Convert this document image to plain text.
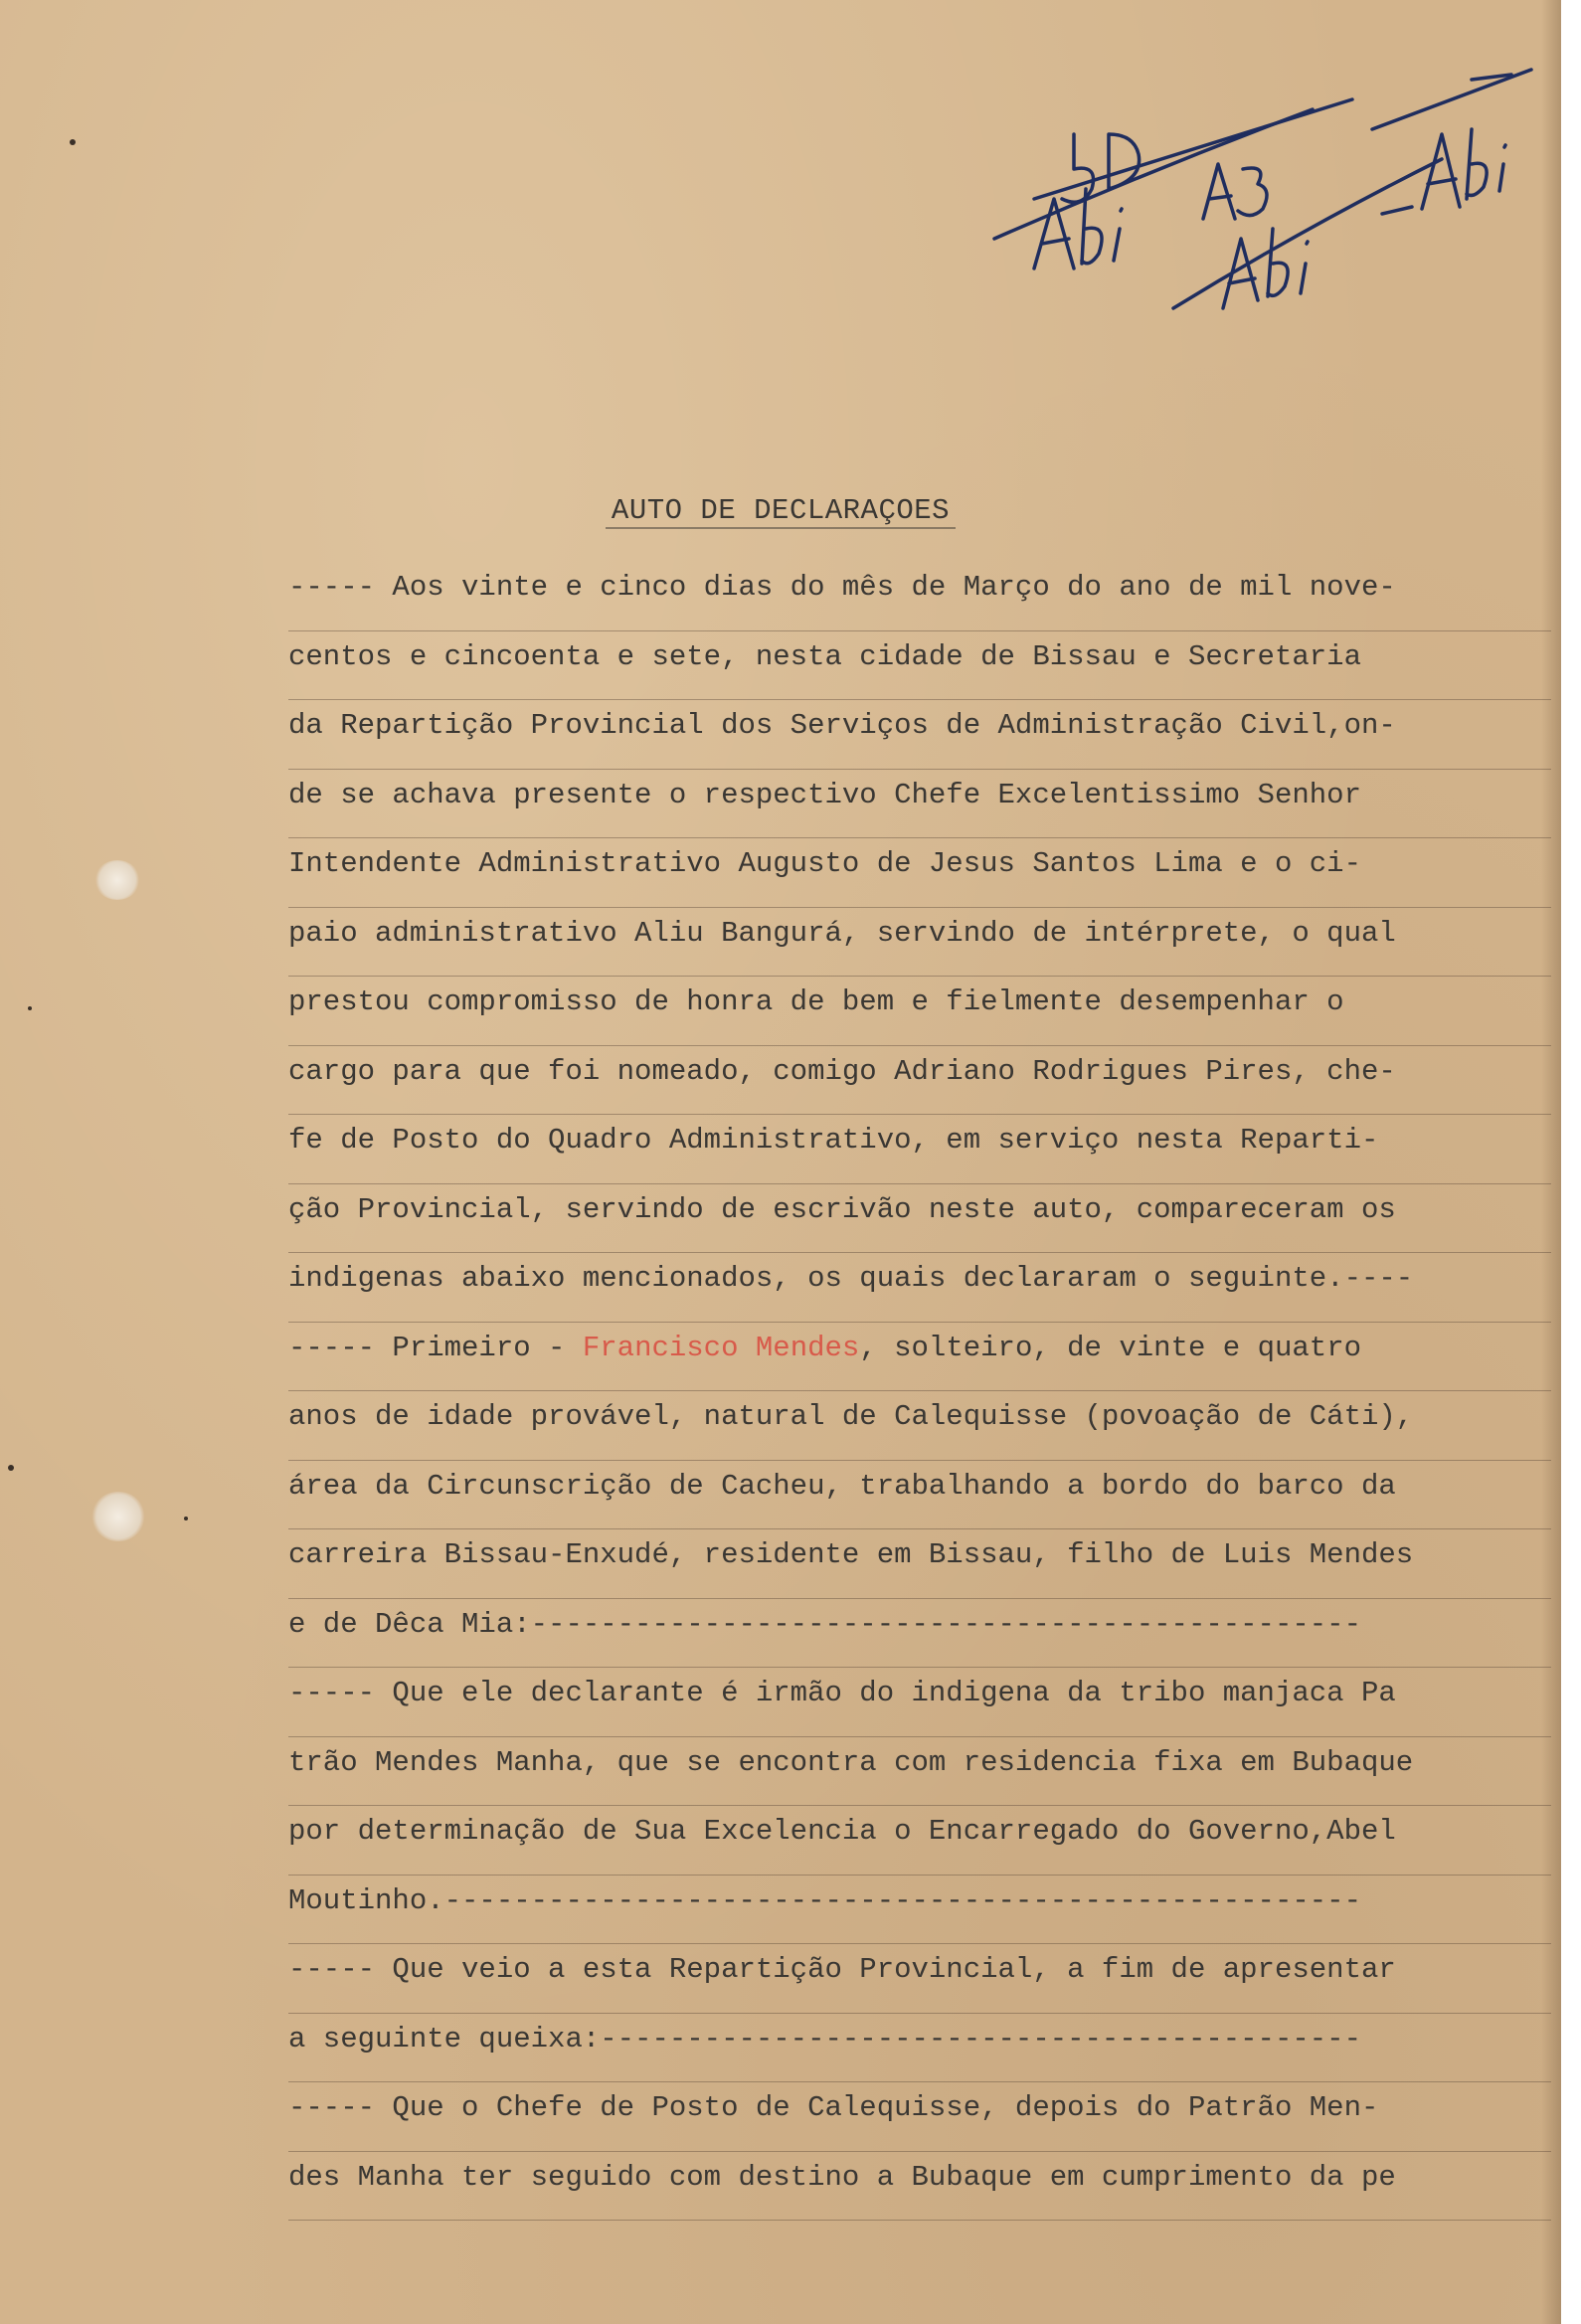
AUTO DE DECLARAÇOES
----- Aos vinte e cinco dias do mês de Março do ano de mil nove-
centos e cincoenta e sete, nesta cidade de Bissau e Secretaria
da Repartição Provincial dos Serviços de Administração Civil,on-
de se achava presente o respectivo Chefe Excelentissimo Senhor
Intendente Administrativo Augusto de Jesus Santos Lima e o ci-
paio administrativo Aliu Bangurá, servindo de intérprete, o qual
prestou compromisso de honra de bem e fielmente desempenhar o
cargo para que foi nomeado, comigo Adriano Rodrigues Pires, che-
fe de Posto do Quadro Administrativo, em serviço nesta Reparti-
ção Provincial, servindo de escrivão neste auto, compareceram os
indigenas abaixo mencionados, os quais declararam o seguinte.----
----- Primeiro - Francisco Mendes, solteiro, de vinte e quatro
anos de idade provável, natural de Calequisse (povoação de Cáti),
área da Circunscrição de Cacheu, trabalhando a bordo do barco da
carreira Bissau-Enxudé, residente em Bissau, filho de Luis Mendes
e de Dêca Mia:------------------------------------------------
----- Que ele declarante é irmão do indigena da tribo manjaca Pa
trão Mendes Manha, que se encontra com residencia fixa em Bubaque
por determinação de Sua Excelencia o Encarregado do Governo,Abel
Moutinho.-----------------------------------------------------
----- Que veio a esta Repartição Provincial, a fim de apresentar
a seguinte queixa:--------------------------------------------
----- Que o Chefe de Posto de Calequisse, depois do Patrão Men-
des Manha ter seguido com destino a Bubaque em cumprimento da pe
